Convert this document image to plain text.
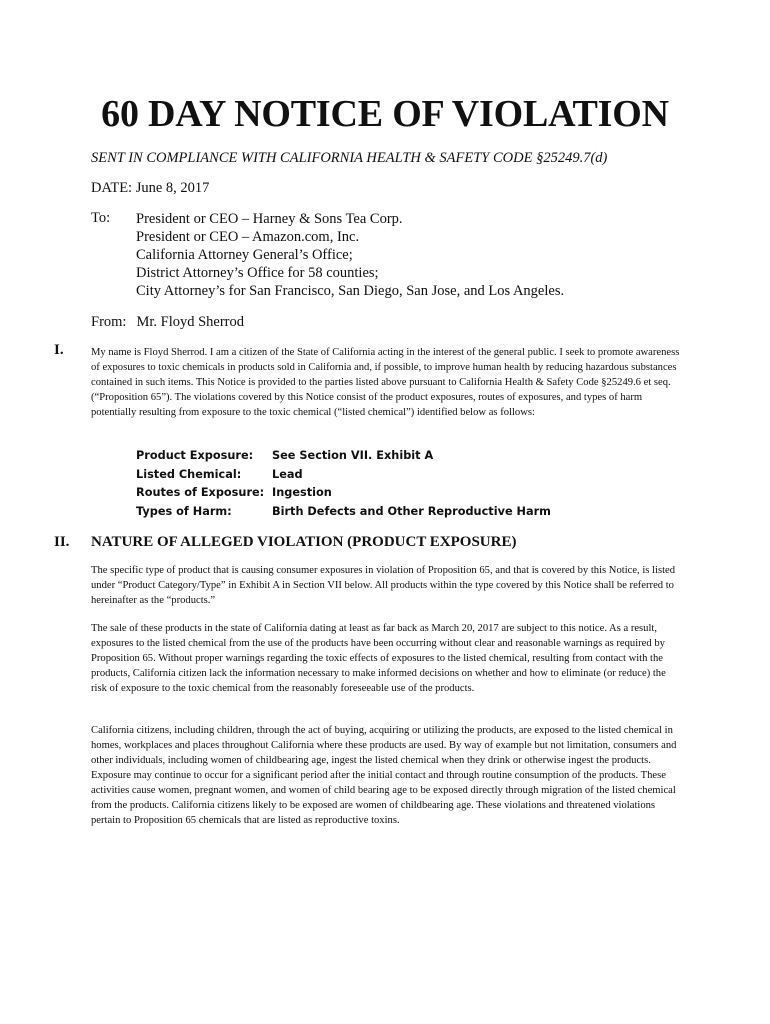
60 DAY NOTICE OF VIOLATION
SENT IN COMPLIANCE WITH CALIFORNIA HEALTH & SAFETY CODE §25249.7(d)
DATE: June 8, 2017
To: President or CEO – Harney & Sons Tea Corp.
President or CEO – Amazon.com, Inc.
California Attorney General’s Office;
District Attorney’s Office for 58 counties;
City Attorney’s for San Francisco, San Diego, San Jose, and Los Angeles.
From: Mr. Floyd Sherrod
I.	My name is Floyd Sherrod. I am a citizen of the State of California acting in the interest of the general public. I seek to promote awareness of exposures to toxic chemicals in products sold in California and, if possible, to improve human health by reducing hazardous substances contained in such items. This Notice is provided to the parties listed above pursuant to California Health & Safety Code §25249.6 et seq. (“Proposition 65”). The violations covered by this Notice consist of the product exposures, routes of exposures, and types of harm potentially resulting from exposure to the toxic chemical (“listed chemical”) identified below as follows:
Product Exposure:	See Section VII. Exhibit A
Listed Chemical:	Lead
Routes of Exposure: Ingestion
Types of Harm:	Birth Defects and Other Reproductive Harm
II. NATURE OF ALLEGED VIOLATION (PRODUCT EXPOSURE)
The specific type of product that is causing consumer exposures in violation of Proposition 65, and that is covered by this Notice, is listed under “Product Category/Type” in Exhibit A in Section VII below. All products within the type covered by this Notice shall be referred to hereinafter as the “products.”
The sale of these products in the state of California dating at least as far back as March 20, 2017 are subject to this notice. As a result, exposures to the listed chemical from the use of the products have been occurring without clear and reasonable warnings as required by Proposition 65. Without proper warnings regarding the toxic effects of exposures to the listed chemical, resulting from contact with the products, California citizen lack the information necessary to make informed decisions on whether and how to eliminate (or reduce) the risk of exposure to the toxic chemical from the reasonably foreseeable use of the products.
California citizens, including children, through the act of buying, acquiring or utilizing the products, are exposed to the listed chemical in homes, workplaces and places throughout California where these products are used. By way of example but not limitation, consumers and other individuals, including women of childbearing age, ingest the listed chemical when they drink or otherwise ingest the products. Exposure may continue to occur for a significant period after the initial contact and through routine consumption of the products. These activities cause women, pregnant women, and women of child bearing age to be exposed directly through migration of the listed chemical from the products. California citizens likely to be exposed are women of childbearing age. These violations and threatened violations pertain to Proposition 65 chemicals that are listed as reproductive toxins.
